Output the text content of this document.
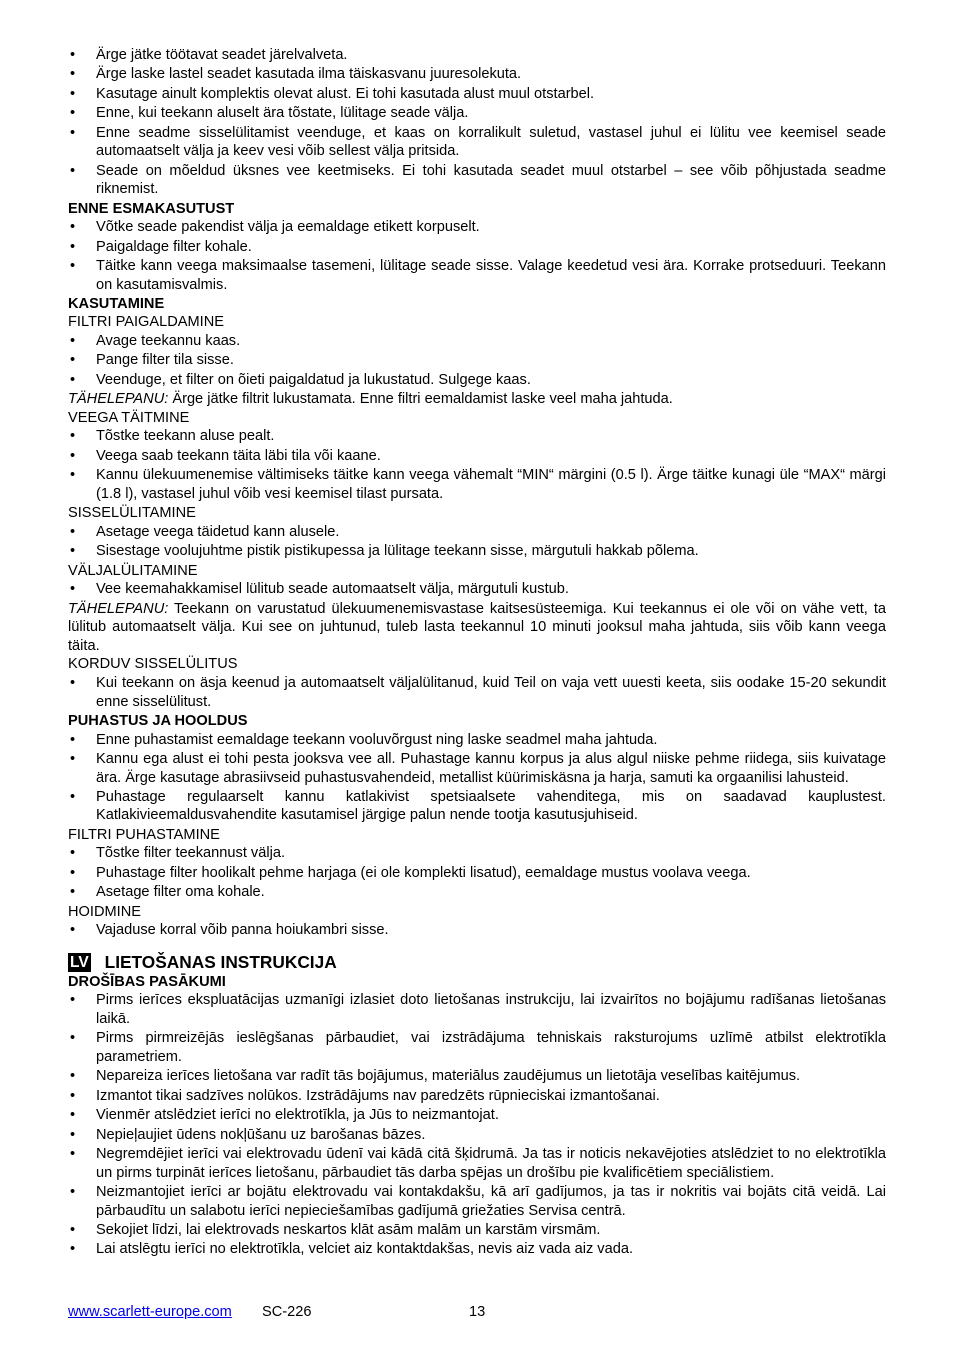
• Ärge jätke töötavat seadet järelvalveta.
• Ärge laske lastel seadet kasutada ilma täiskasvanu juuresolekuta.
• Kasutage ainult komplektis olevat alust. Ei tohi kasutada alust muul otstarbel.
• Enne, kui teekann aluselt ära tõstate, lülitage seade välja.
• Enne seadme sisselülitamist veenduge, et kaas on korralikult suletud, vastasel juhul ei lülitu vee keemisel seade automaatselt välja ja keev vesi võib sellest välja pritsida.
• Seade on mõeldud üksnes vee keetmiseks. Ei tohi kasutada seadet muul otstarbel – see võib põhjustada seadme riknemist.
ENNE ESMAKASUTUST
• Võtke seade pakendist välja ja eemaldage etikett korpuselt.
• Paigaldage filter kohale.
• Täitke kann veega maksimaalse tasemeni, lülitage seade sisse. Valage keedetud vesi ära. Korrake protseduuri. Teekann on kasutamisvalmis.
KASUTAMINE
FILTRI PAIGALDAMINE
• Avage teekannu kaas.
• Pange filter tila sisse.
• Veenduge, et filter on õieti paigaldatud ja lukustatud. Sulgege kaas.
TÄHELEPANU: Ärge jätke filtrit lukustamata. Enne filtri eemaldamist laske veel maha jahtuda.
VEEGA TÄITMINE
• Tõstke teekann aluse pealt.
• Veega saab teekann täita läbi tila või kaane.
• Kannu ülekuumenemise vältimiseks täitke kann veega vähemalt “MIN“ märgini (0.5 l). Ärge täitke kunagi üle “MAX“ märgi (1.8 l), vastasel juhul võib vesi keemisel tilast pursata.
SISSELÜLITAMINE
• Asetage veega täidetud kann alusele.
• Sisestage voolujuhtme pistik pistikupessa ja lülitage teekann sisse, märgutuli hakkab põlema.
VÄLJALÜLITAMINE
• Vee keemahakkamisel lülitub seade automaatselt välja, märgutuli kustub.
TÄHELEPANU: Teekann on varustatud ülekuumenemisvastase kaitsesüsteemiga. Kui teekannus ei ole või on vähe vett, ta lülitub automaatselt välja. Kui see on juhtunud, tuleb lasta teekannul 10 minuti jooksul maha jahtuda, siis võib kann veega täita.
KORDUV SISSELÜLITUS
• Kui teekann on äsja keenud ja automaatselt väljalülitanud, kuid Teil on vaja vett uuesti keeta, siis oodake 15-20 sekundit enne sisselülitust.
PUHASTUS JA HOOLDUS
• Enne puhastamist eemaldage teekann vooluvõrgust ning laske seadmel maha jahtuda.
• Kannu ega alust ei tohi pesta jooksva vee all. Puhastage kannu korpus ja alus algul niiske pehme riidega, siis kuivatage ära. Ärge kasutage abrasiivseid puhastusvahendeid, metallist küürimiskäsna ja harja, samuti ka orgaanilisi lahusteid.
• Puhastage regulaarselt kannu katlakivist spetsiaalsete vahenditega, mis on saadavad kauplustest. Katlakivieemaldusvahendite kasutamisel järgige palun nende tootja kasutusjuhiseid.
FILTRI PUHASTAMINE
• Tõstke filter teekannust välja.
• Puhastage filter hoolikalt pehme harjaga (ei ole komplekti lisatud), eemaldage mustus voolava veega.
• Asetage filter oma kohale.
HOIDMINE
• Vajaduse korral võib panna hoiukambri sisse.
LV LIETOŠANAS INSTRUKCIJA
DROŠĪBAS PASĀKUMI
• Pirms ierīces ekspluatācijas uzmanīgi izlasiet doto lietošanas instrukciju, lai izvairītos no bojājumu radīšanas lietošanas laikā.
• Pirms pirmreizējās ieslēgšanas pārbaudiet, vai izstrādājuma tehniskais raksturojums uzlīmē atbilst elektrotīkla parametriem.
• Nepareiza ierīces lietošana var radīt tās bojājumus, materiālus zaudējumus un lietotāja veselības kaitējumus.
• Izmantot tikai sadzīves nolūkos. Izstrādājums nav paredzēts rūpnieciskai izmantošanai.
• Vienmēr atslēdziet ierīci no elektrotīkla, ja Jūs to neizmantojat.
• Nepieļaujiet ūdens nokļūšanu uz barošanas bāzes.
• Negremdējiet ierīci vai elektrovadu ūdenī vai kādā citā šķidrumā. Ja tas ir noticis nekavējoties atslēdziet to no elektrotīkla un pirms turpināt ierīces lietošanu, pārbaudiet tās darba spējas un drošību pie kvalificētiem speciālistiem.
• Neizmantojiet ierīci ar bojātu elektrovadu vai kontakdakšu, kā arī gadījumos, ja tas ir nokritis vai bojāts citā veidā. Lai pārbaudītu un salabotu ierīci nepieciešamības gadījumā griežaties Servisa centrā.
• Sekojiet līdzi, lai elektrovads neskartos klāt asām malām un karstām virsmām.
• Lai atslēgtu ierīci no elektrotīkla, velciet aiz kontaktdakšas, nevis aiz vada aiz vada.
www.scarlett-europe.com SC-226	13
